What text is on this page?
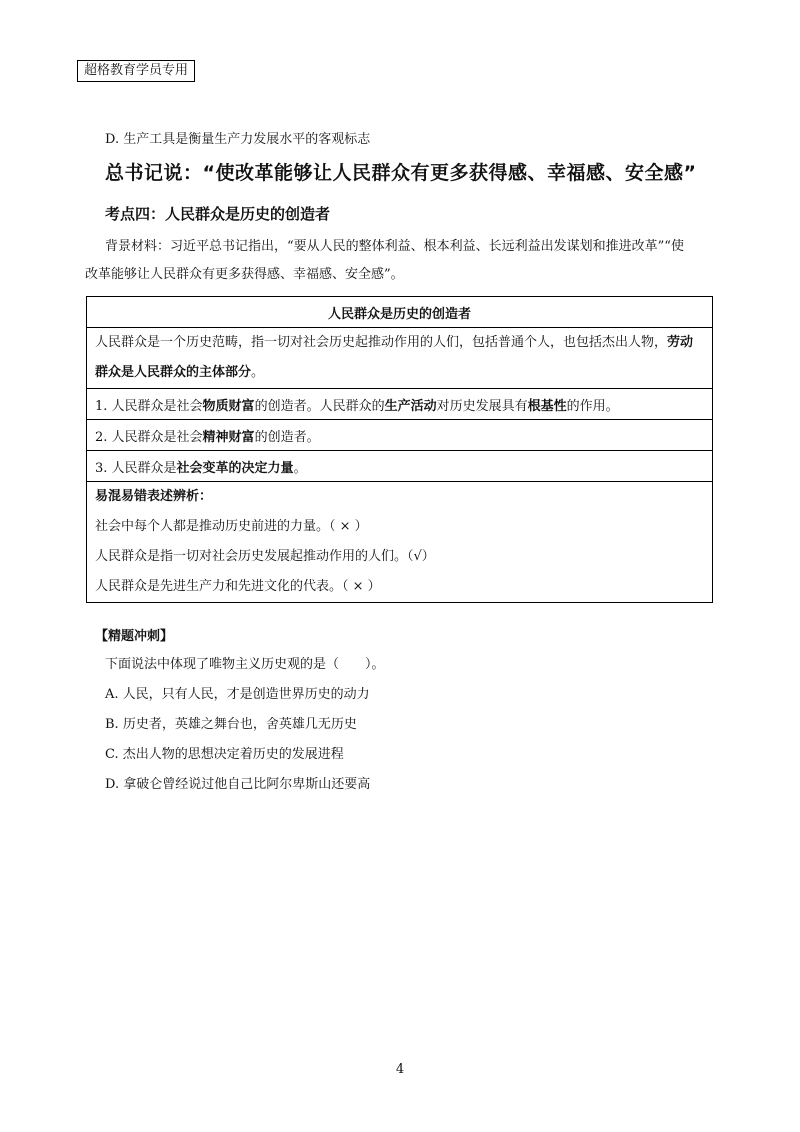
超格教育学员专用
D. 生产工具是衡量生产力发展水平的客观标志
总书记说：“使改革能够让人民群众有更多获得感、幸福感、安全感”
考点四：人民群众是历史的创造者
背景材料：习近平总书记指出，“要从人民的整体利益、根本利益、长远利益出发谋划和推进改革”“使
改革能够让人民群众有更多获得感、幸福感、安全感”。
人民群众是历史的创造者
人民群众是一个历史范畴，指一切对社会历史起推动作用的人们，包括普通个人，也包括杰出人物，劳动群众是人民群众的主体部分。
1. 人民群众是社会物质财富的创造者。人民群众的生产活动对历史发展具有根基性的作用。
2. 人民群众是社会精神财富的创造者。
3. 人民群众是社会变革的决定力量。

易混易错表述辨析：
社会中每个人都是推动历史前进的力量。（ × ）
人民群众是指一切对社会历史发展起推动作用的人们。（√）
人民群众是先进生产力和先进文化的代表。（ × ）
【精题冲刺】
下面说法中体现了唯物主义历史观的是（　　）。
A. 人民，只有人民，才是创造世界历史的动力
B. 历史者，英雄之舞台也，舍英雄几无历史
C. 杰出人物的思想决定着历史的发展进程
D. 拿破仑曾经说过他自己比阿尔卑斯山还要高
4
